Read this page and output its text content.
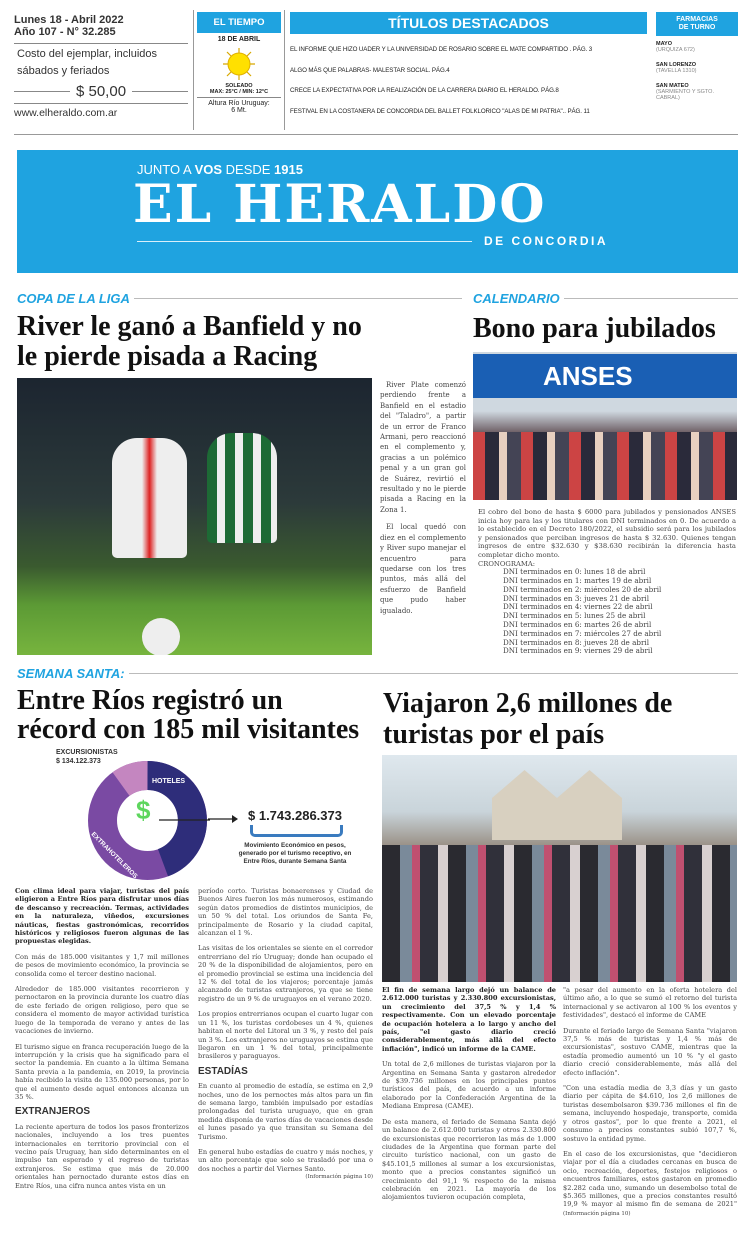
Lunes 18 - Abril 2022
Año 107 - N° 32.285
Costo del ejemplar, incluidos
sábados y feriados
$ 50,00
www.elheraldo.com.ar
EL TIEMPO
18 DE ABRIL
SOLEADO
MAX: 25°C / MIN: 12°C
Altura Río Uruguay:
6 Mt.
TÍTULOS DESTACADOS
EL INFORME QUE HIZO UADER Y LA UNIVERSIDAD DE ROSARIO SOBRE EL MATE COMPARTIDO . PÁG. 3
ALGO MÁS QUE PALABRAS- MALESTAR SOCIAL. PÁG.4
CRECE LA EXPECTATIVA POR LA REALIZACIÓN DE LA CARRERA DIARIO EL HERALDO. PÁG.8
FESTIVAL EN LA COSTANERA DE CONCORDIA DEL BALLET FOLKLORICO "ALAS DE MI PATRIA".. PÁG. 11
FARMACIAS
DE TURNO
MAYO
(URQUIZA 672)
SAN LORENZO
(TAVELLA 1310)
SAN MATEO
(SARMIENTO Y SGTO. CABRAL)
JUNTO A VOS DESDE 1915
EL HERALDO
DE CONCORDIA
COPA DE LA LIGA
River le ganó a Banfield y no
le pierde pisada a Racing

River Plate comenzó perdiendo frente a Banfield en el estadio del "Taladro", a partir de un error de Franco Armani, pero reaccionó en el complemento y, gracias a un polémico penal y a un gran gol de Suárez, revirtió el resultado y no le pierde pisada a Racing en la Zona 1.

El local quedó con diez en el complemento y River supo manejar el encuentro para quedarse con los tres puntos, más allá del esfuerzo de Banfield que pudo haber igualado.

CALENDARIO
Bono para jubilados
ANSES

El cobro del bono de hasta $ 6000 para jubilados y pensionados ANSES inicia hoy para las y los titulares con DNI terminados en 0. De acuerdo a lo establecido en el Decreto 180/2022, el subsidio será para los jubilados y pensionados que perciban ingresos de hasta $ 32.630. Quienes tengan ingresos de entre $32.630 y $38.630 recibirán la diferencia hasta completar dicho monto.

CRONOGRAMA:
DNI terminados en 0: lunes 18 de abril
DNI terminados en 1: martes 19 de abril
DNI terminados en 2: miércoles 20 de abril
DNI terminados en 3: jueves 21 de abril
DNI terminados en 4: viernes 22 de abril
DNI terminados en 5: lunes 25 de abril
DNI terminados en 6: martes 26 de abril
DNI terminados en 7: miércoles 27 de abril
DNI terminados en 8: jueves 28 de abril
DNI terminados en 9: viernes 29 de abril
SEMANA SANTA:
Entre Ríos registró un
récord con 185 mil visitantes
EXCURSIONISTAS
$ 134.122.373
HOTELES
EXTRAHOTELEROS
$	$ 1.743.286.373
Movimiento Económico en pesos, generado por el turismo receptivo, en Entre Ríos, durante Semana Santa

Con clima ideal para viajar, turistas del país eligieron a Entre Ríos para disfrutar unos días de descanso y recreación. Termas, actividades en la naturaleza, viñedos, excursiones náuticas, fiestas gastronómicas, recorridos históricos y religiosos fueron algunas de las propuestas elegidas.

Con más de 185.000 visitantes y 1,7 mil millones de pesos de movimiento económico, la provincia se consolida como el tercer destino nacional.

Alrededor de 185.000 visitantes recorrieron y pernoctaron en la provincia durante los cuatro días de este feriado de origen religioso, pero que se considera el momento de mayor actividad turística luego de la temporada de verano y antes de las vacaciones de invierno.

El turismo sigue en franca recuperación luego de la interrupción y la crisis que ha significado para el sector la pandemia. En cuanto a la última Semana Santa previa a la pandemia, en 2019, la provincia había recibido la visita de 135.000 personas, por lo que el aumento desde aquel entonces alcanza un 35 %.

EXTRANJEROS

La reciente apertura de todos los pasos fronterizos nacionales, incluyendo a los tres puentes internacionales en territorio provincial con el vecino país Uruguay, han sido determinantes en el impulso tan esperado y el regreso de turistas extranjeros. Se estima que más de 20.000 orientales han pernoctado durante estos días en Entre Ríos, una cifra nunca antes vista en un

período corto. Turistas bonaerenses y Ciudad de Buenos Aires fueron los más numerosos, estimando según datos promedios de distintos municipios, de un 50 % del total. Los oriundos de Santa Fe, principalmente de Rosario y la ciudad capital, alcanzan el 1 %.

Las visitas de los orientales se siente en el corredor entrerriano del río Uruguay; donde han ocupado el 20 % de la disponibilidad de alojamientos, pero en el promedio provincial se estima una incidencia del 12 % del total de los viajeros; porcentaje jamás alcanzado de turistas extranjeros, ya que se tiene registro de un 9 % de uruguayos en el verano 2020.

Los propios entrerrianos ocupan el cuarto lugar con un 11 %, los turistas cordobeses un 4 %, quienes habitan el norte del Litoral un 3 %, y resto del país un 3 %. Los extranjeros no uruguayos se estima que llegaron en un 1 % del total, principalmente brasileros y paraguayos.

ESTADÍAS

En cuanto al promedio de estadía, se estima en 2,9 noches, uno de los pernoctes más altos para un fin de semana largo, también impulsado por estadías prolongadas del turista uruguayo, que en gran medida disponía de varios días de vacaciones desde el lunes pasado ya que transitan su Semana del Turismo.

En general hubo estadías de cuatro y más noches, y un alto porcentaje que solo se trasladó por una o dos noches a partir del Viernes Santo.

(Información página 10)
Viajaron 2,6 millones de
turistas por el país

El fin de semana largo dejó un balance de 2.612.000 turistas y 2.330.800 excursionistas, un crecimiento del 37,5 % y 1,4 % respectivamente. Con un elevado porcentaje de ocupación hotelera a lo largo y ancho del país, "el gasto diario creció considerablemente, más allá del efecto inflación", indicó un informe de la CAME.

Un total de 2,6 millones de turistas viajaron por la Argentina en Semana Santa y gastaron alrededor de $39.736 millones en los principales puntos turísticos del país, de acuerdo a un informe elaborado por la Confederación Argentina de la Mediana Empresa (CAME).

De esta manera, el feriado de Semana Santa dejó un balance de 2.612.000 turistas y otros 2.330.800 de excursionistas que recorrieron las más de 1.000 ciudades de la Argentina que forman parte del circuito turístico nacional, con un gasto de $45.101,5 millones al sumar a los excursionistas, monto que a precios constantes significó un crecimiento del 91,1 % respecto de la misma celebración en 2021. La mayoría de los alojamientos tuvieron ocupación completa,

"a pesar del aumento en la oferta hotelera del último año, a lo que se sumó el retorno del turista internacional y se activaron al 100 % los eventos y festividades", destacó el informe de CAME

Durante el feriado largo de Semana Santa "viajaron 37,5 % más de turistas y 1,4 % más de excursionistas", sostuvo CAME, mientras que la estadía promedio aumentó un 10 % "y el gasto diario creció considerablemente, más allá del efecto inflación".

"Con una estadía media de 3,3 días y un gasto diario per cápita de $4.610, los 2,6 millones de turistas desembolsaron $39.736 millones el fin de semana, incluyendo hospedaje, transporte, comida y otros gastos", por lo que frente a 2021, el consumo a precios constantes subió 107,7 %, sostuvo la entidad pyme.

En el caso de los excursionistas, que "decidieron viajar por el día a ciudades cercanas en busca de ocio, recreación, deportes, festejos religiosos o encuentros familiares, estos gastaron en promedio $2.282 cada uno, sumando un desembolso total de $5.365 millones, que a precios constantes resultó 19,9 % mayor al mismo fin de semana de 2021" (Información página 10)
